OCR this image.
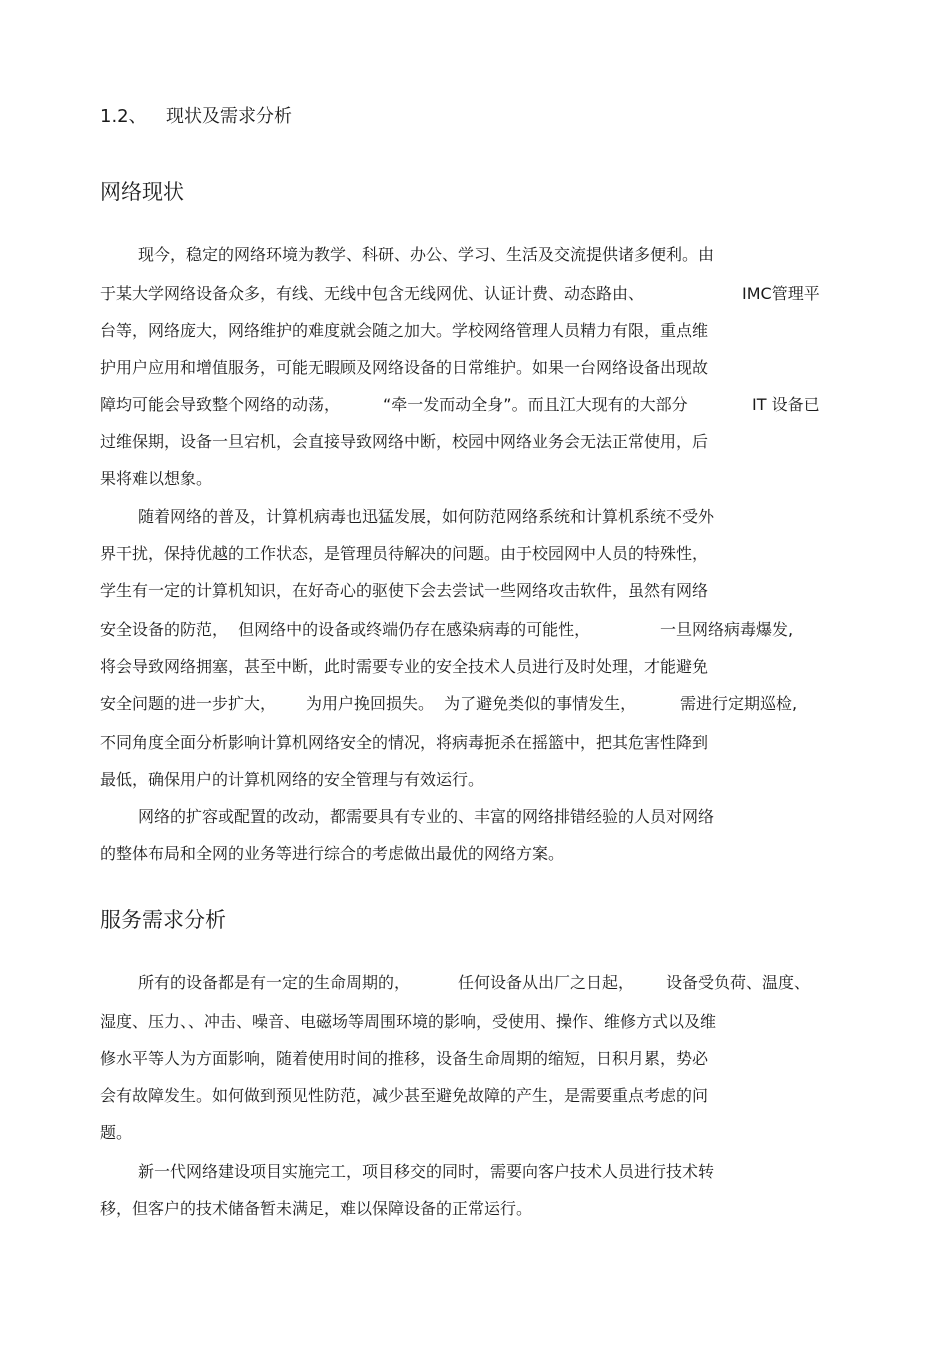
1.2、 现状及需求分析
网络现状
现今，稳定的网络环境为教学、科研、办公、学习、生活及交流提供诸多便利。由
于某大学网络设备众多，有线、无线中包含无线网优、认证计费、动态路由、	IMC管理平
台等，网络庞大，网络维护的难度就会随之加大。学校网络管理人员精力有限，重点维
护用户应用和增值服务，可能无暇顾及网络设备的日常维护。如果一台网络设备出现故
障均可能会导致整个网络的动荡，	“牵一发而动全身”。而且江大现有的大部分	IT 设备已
过维保期，设备一旦宕机，会直接导致网络中断，校园中网络业务会无法正常使用，后
果将难以想象。
随着网络的普及，计算机病毒也迅猛发展，如何防范网络系统和计算机系统不受外
界干扰，保持优越的工作状态，是管理员待解决的问题。由于校园网中人员的特殊性，
学生有一定的计算机知识，在好奇心的驱使下会去尝试一些网络攻击软件，虽然有网络
安全设备的防范，  但网络中的设备或终端仍存在感染病毒的可能性，	一旦网络病毒爆发,
将会导致网络拥塞，甚至中断，此时需要专业的安全技术人员进行及时处理，才能避免
安全问题的进一步扩大， 为用户挽回损失。  为了避免类似的事情发生，	需进行定期巡检,
不同角度全面分析影响计算机网络安全的情况，将病毒扼杀在摇篮中，把其危害性降到
最低，确保用户的计算机网络的安全管理与有效运行。
网络的扩容或配置的改动，都需要具有专业的、丰富的网络排错经验的人员对网络
的整体布局和全网的业务等进行综合的考虑做出最优的网络方案。
服务需求分析
所有的设备都是有一定的生命周期的，	任何设备从出厂之日起， 设备受负荷、温度、
湿度、压力、、冲击、噪音、电磁场等周围环境的影响，受使用、操作、维修方式以及维
修水平等人为方面影响，随着使用时间的推移，设备生命周期的缩短，日积月累，势必
会有故障发生。如何做到预见性防范，减少甚至避免故障的产生，是需要重点考虑的问
题。
新一代网络建设项目实施完工，项目移交的同时，需要向客户技术人员进行技术转
移，但客户的技术储备暂未满足，难以保障设备的正常运行。
